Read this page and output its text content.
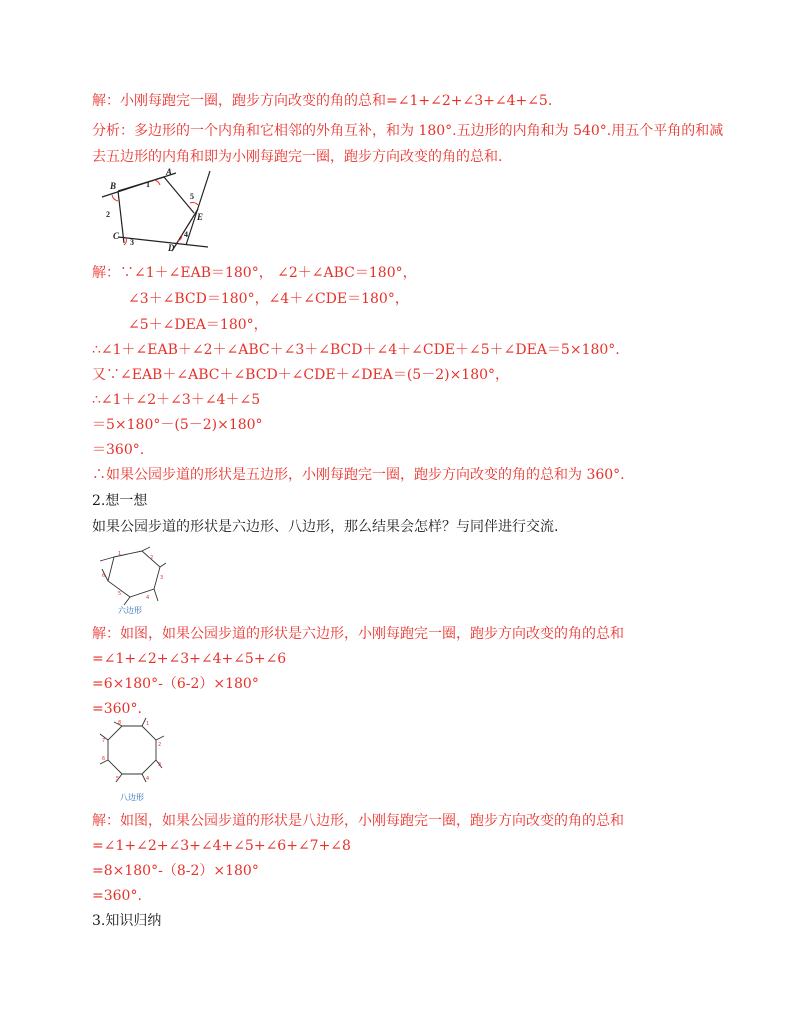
解：小刚每跑完一圈，跑步方向改变的角的总和=∠1+∠2+∠3+∠4+∠5.
分析：多边形的一个内角和它相邻的外角互补，和为 180°.五边形的内角和为 540°.用五个平角的和减
去五边形的内角和即为小刚每跑完一圈，跑步方向改变的角的总和.
A
B
C
D
E
1
2
3
4
5
解：∵∠1＋∠EAB＝180°， ∠2＋∠ABC＝180°，
∠3＋∠BCD＝180°，∠4＋∠CDE＝180°，
∠5＋∠DEA＝180°，
∴∠1＋∠EAB＋∠2＋∠ABC＋∠3＋∠BCD＋∠4＋∠CDE＋∠5＋∠DEA＝5×180°.
又∵∠EAB＋∠ABC＋∠BCD＋∠CDE＋∠DEA＝(5－2)×180°，
∴∠1＋∠2＋∠3＋∠4＋∠5
＝5×180°－(5－2)×180°
＝360°.
∴如果公园步道的形状是五边形，小刚每跑完一圈，跑步方向改变的角的总和为 360°.
2.想一想
如果公园步道的形状是六边形、八边形，那么结果会怎样？与同伴进行交流.
1
2
3
4
5
6
六边形
解：如图，如果公园步道的形状是六边形，小刚每跑完一圈，跑步方向改变的角的总和
=∠1+∠2+∠3+∠4+∠5+∠6
=6×180°-（6-2）×180°
=360°.
1
2
3
4
5
6
7
8
八边形
解：如图，如果公园步道的形状是八边形，小刚每跑完一圈，跑步方向改变的角的总和
=∠1+∠2+∠3+∠4+∠5+∠6+∠7+∠8
=8×180°-（8-2）×180°
=360°.
3.知识归纳
